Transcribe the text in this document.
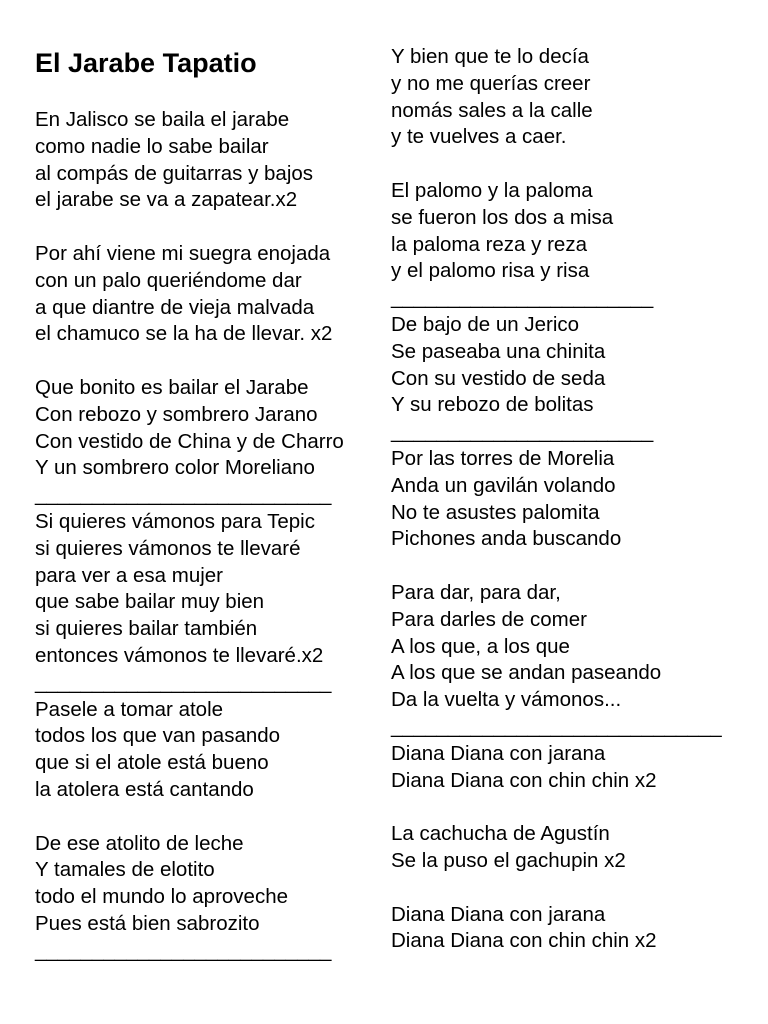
El Jarabe Tapatio
En Jalisco se baila el jarabe
como nadie lo sabe bailar
al compás de guitarras y bajos
el jarabe se va a zapatear.x2
Por ahí viene mi suegra enojada
con un palo queriéndome dar
a que diantre de vieja malvada
el chamuco se la ha de llevar. x2
Que bonito es bailar el Jarabe
Con rebozo y sombrero Jarano
Con vestido de China y de Charro
Y un sombrero color Moreliano
__________________________
Si quieres vámonos para Tepic
si quieres vámonos te llevaré
para ver a esa mujer
que sabe bailar muy bien
si quieres bailar también
entonces vámonos te llevaré.x2
__________________________
Pasele a tomar atole
todos los que van pasando
que si el atole está bueno
la atolera está cantando
De ese atolito de leche
Y tamales de elotito
todo el mundo lo aproveche
Pues está bien sabrozito
__________________________
Y bien que te lo decía
y no me querías creer
nomás sales a la calle
y te vuelves a caer.
El palomo y la paloma
se fueron los dos a misa
la paloma reza y reza
y el palomo risa y risa
_______________________
De bajo de un Jerico
Se paseaba una chinita
Con su vestido de seda
Y su rebozo de bolitas
_______________________
Por las torres de Morelia
Anda un gavilán volando
No te asustes palomita
Pichones anda buscando
Para dar, para dar,
Para darles de comer
A los que, a los que
A los que se andan paseando
Da la vuelta y vámonos...
_____________________________
Diana Diana con jarana
Diana Diana con chin chin x2
La cachucha de Agustín
Se la puso el gachupin x2
Diana Diana con jarana
Diana Diana con chin chin x2
